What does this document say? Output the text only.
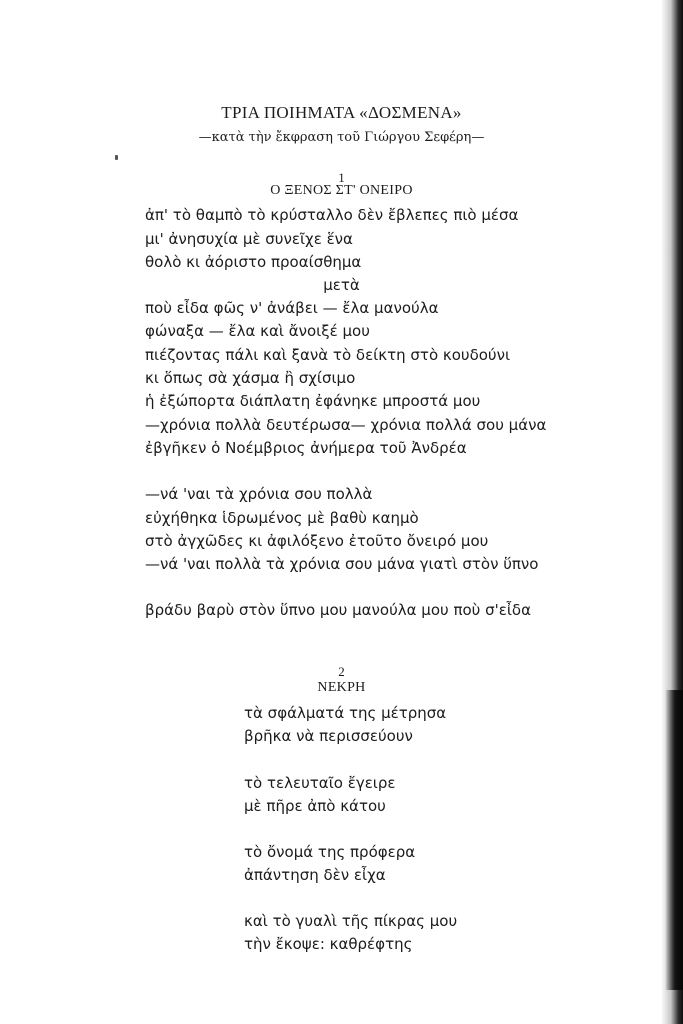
ΤΡΙΑ ΠΟΙΗΜΑΤΑ «ΔΟΣΜΕΝΑ»
—κατὰ τὴν ἔκφραση τοῦ Γιώργου Σεφέρη—
1
Ο ΞΕΝΟΣ ΣΤ' ΟΝΕΙΡΟ
ἀπ' τὸ θαμπὸ τὸ κρύσταλλο δὲν ἔβλεπες πιὸ μέσα
μι' ἀνησυχία μὲ συνεῖχε ἕνα
θολὸ κι ἀόριστο προαίσθημα
μετὰ
ποὺ εἶδα φῶς ν' ἀνάβει — ἔλα μανούλα
φώναξα — ἔλα καὶ ἄνοιξέ μου
πιέζοντας πάλι καὶ ξανὰ τὸ δείκτη στὸ κουδούνι
κι ὅπως σὰ χάσμα ἢ σχίσιμο
ἡ ἐξώπορτα διάπλατη ἐφάνηκε μπροστά μου
—χρόνια πολλὰ δευτέρωσα— χρόνια πολλά σου μάνα
ἐβγῆκεν ὁ Νοέμβριος ἀνήμερα τοῦ Ἀνδρέα
—νά 'ναι τὰ χρόνια σου πολλὰ
εὐχήθηκα ἱδρωμένος μὲ βαθὺ καημὸ
στὸ ἀγχῶδες κι ἀφιλόξενο ἐτοῦτο ὄνειρό μου
—νά 'ναι πολλὰ τὰ χρόνια σου μάνα γιατὶ στὸν ὕπνο
βράδυ βαρὺ στὸν ὕπνο μου μανούλα μου ποὺ σ'εἶδα
2
ΝΕΚΡΗ
τὰ σφάλματά της μέτρησα
βρῆκα νὰ περισσεύουν
τὸ τελευταῖο ἔγειρε
μὲ πῆρε ἀπὸ κάτου
τὸ ὄνομά της πρόφερα
ἀπάντηση δὲν εἶχα
καὶ τὸ γυαλὶ τῆς πίκρας μου
τὴν ἔκοψε: καθρέφτης
